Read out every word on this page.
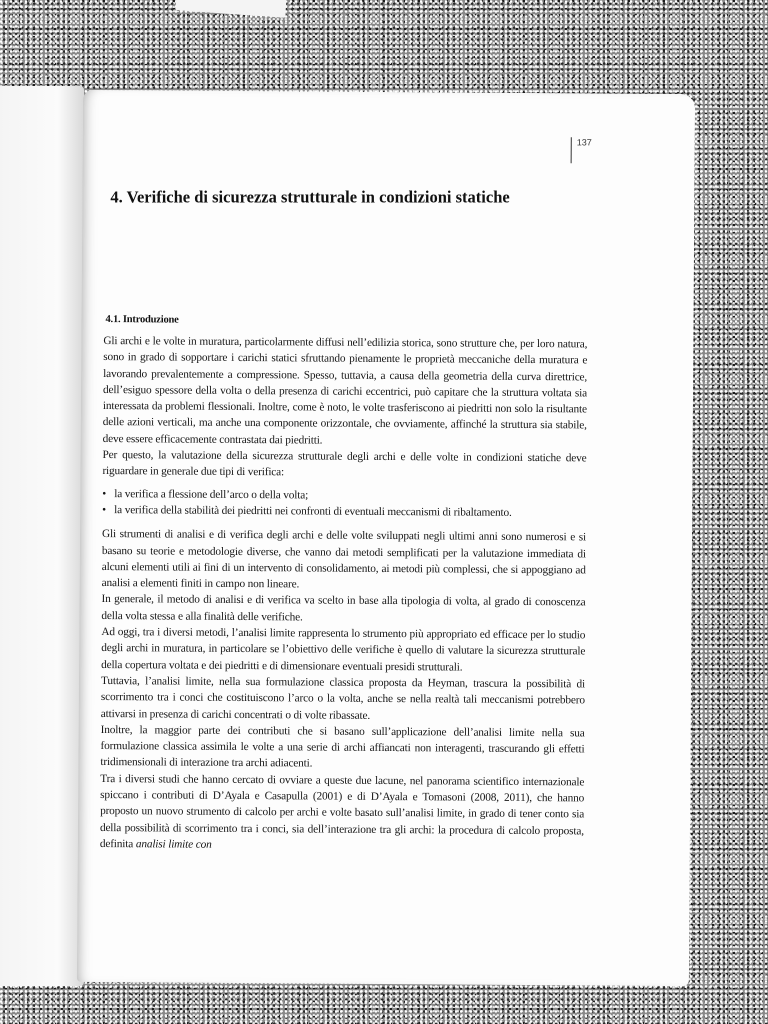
137
4. Verifiche di sicurezza strutturale in condizioni statiche
4.1. Introduzione

Gli archi e le volte in muratura, particolarmente diffusi nell’edilizia storica, sono strutture che, per loro natura, sono in grado di sopportare i carichi statici sfruttando pienamente le proprietà meccaniche della muratura e lavorando prevalentemente a compressione. Spesso, tuttavia, a causa della geometria della curva direttrice, dell’esiguo spessore della volta o della presenza di carichi eccentrici, può capitare che la struttura voltata sia interessata da problemi flessionali. Inoltre, come è noto, le volte trasferiscono ai piedritti non solo la risultante delle azioni verticali, ma anche una componente orizzontale, che ovviamente, affinché la struttura sia stabile, deve essere efficacemente contrastata dai piedritti.

Per questo, la valutazione della sicurezza strutturale degli archi e delle volte in condizioni statiche deve riguardare in generale due tipi di verifica:

• la verifica a flessione dell’arco o della volta;
• la verifica della stabilità dei piedritti nei confronti di eventuali meccanismi di ribaltamento.

Gli strumenti di analisi e di verifica degli archi e delle volte sviluppati negli ultimi anni sono numerosi e si basano su teorie e metodologie diverse, che vanno dai metodi semplificati per la valutazione immediata di alcuni elementi utili ai fini di un intervento di consolidamento, ai metodi più complessi, che si appoggiano ad analisi a elementi finiti in campo non lineare.

In generale, il metodo di analisi e di verifica va scelto in base alla tipologia di volta, al grado di conoscenza della volta stessa e alla finalità delle verifiche.

Ad oggi, tra i diversi metodi, l’analisi limite rappresenta lo strumento più appropriato ed efficace per lo studio degli archi in muratura, in particolare se l’obiettivo delle verifiche è quello di valutare la sicurezza strutturale della copertura voltata e dei piedritti e di dimensionare eventuali presidi strutturali.

Tuttavia, l’analisi limite, nella sua formulazione classica proposta da Heyman, trascura la possibilità di scorrimento tra i conci che costituiscono l’arco o la volta, anche se nella realtà tali meccanismi potrebbero attivarsi in presenza di carichi concentrati o di volte ribassate.

Inoltre, la maggior parte dei contributi che si basano sull’applicazione dell’analisi limite nella sua formulazione classica assimila le volte a una serie di archi affiancati non interagenti, trascurando gli effetti tridimensionali di interazione tra archi adiacenti.

Tra i diversi studi che hanno cercato di ovviare a queste due lacune, nel panorama scientifico internazionale spiccano i contributi di D’Ayala e Casapulla (2001) e di D’Ayala e Tomasoni (2008, 2011), che hanno proposto un nuovo strumento di calcolo per archi e volte basato sull’analisi limite, in grado di tener conto sia della possibilità di scorrimento tra i conci, sia dell’interazione tra gli archi: la procedura di calcolo proposta, definita analisi limite con
